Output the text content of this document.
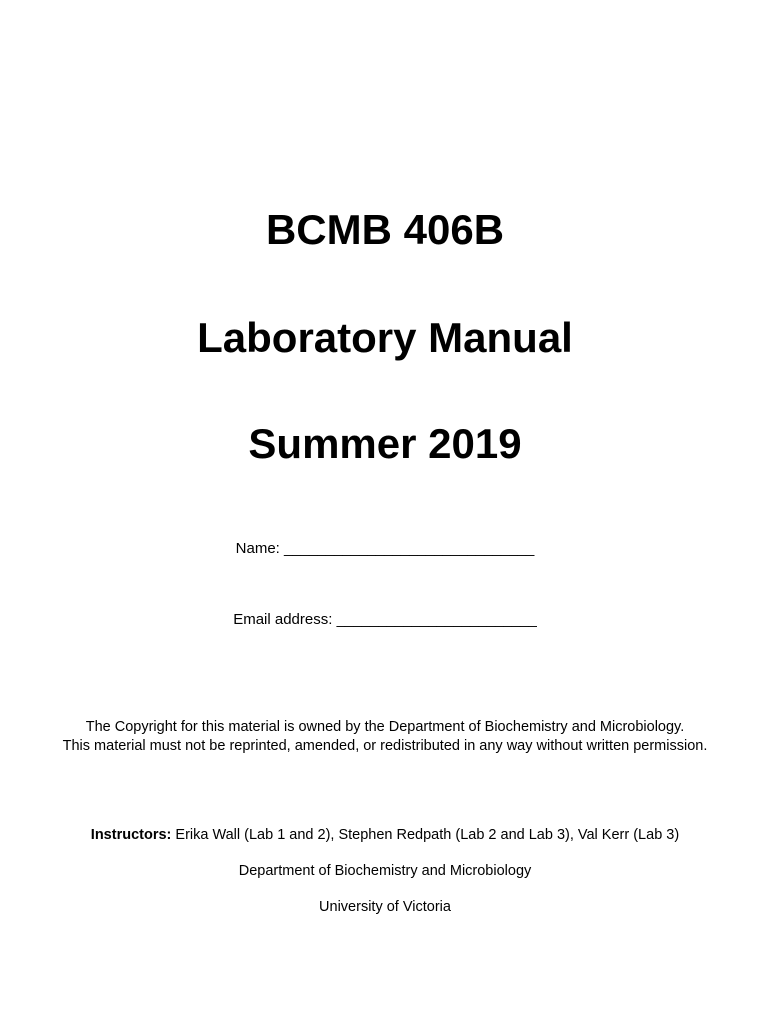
BCMB 406B
Laboratory Manual
Summer 2019
Name: ______________________________
Email address: ________________________
The Copyright for this material is owned by the Department of Biochemistry and Microbiology.
This material must not be reprinted, amended, or redistributed in any way without written permission.
Instructors: Erika Wall (Lab 1 and 2), Stephen Redpath (Lab 2 and Lab 3), Val Kerr (Lab 3)
Department of Biochemistry and Microbiology
University of Victoria
